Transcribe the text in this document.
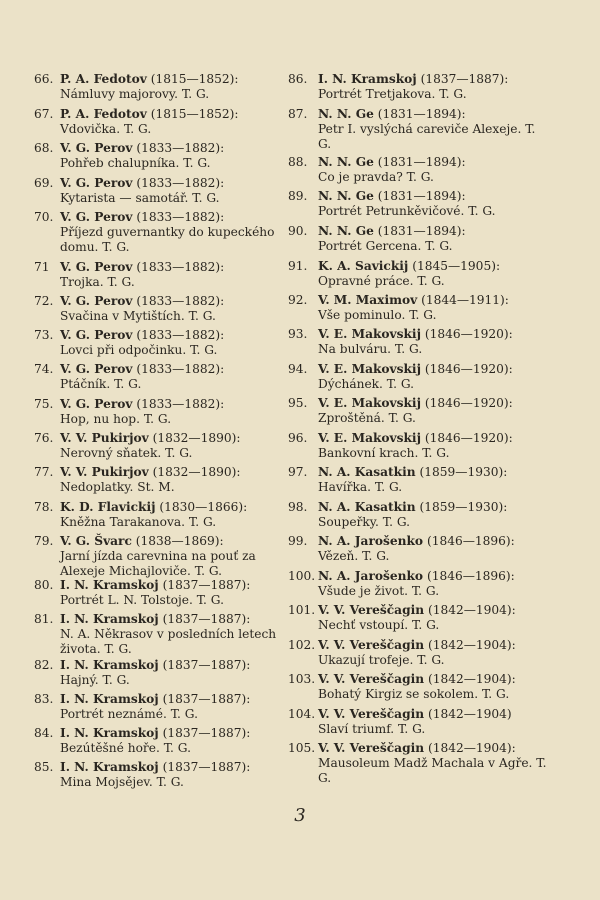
66. P. A. Fedotov (1815—1852):
Námluvy majorovy. T. G.
67. P. A. Fedotov (1815—1852):
Vdovička. T. G.
68. V. G. Perov (1833—1882):
Pohřeb chalupníka. T. G.
69. V. G. Perov (1833—1882):
Kytarista — samotář. T. G.
70. V. G. Perov (1833—1882):
Příjezd guvernantky do kupeckého domu. T. G.
71 V. G. Perov (1833—1882):
Trojka. T. G.
72. V. G. Perov (1833—1882):
Svačina v Mytištích. T. G.
73. V. G. Perov (1833—1882):
Lovci při odpočinku. T. G.
74. V. G. Perov (1833—1882):
Ptáčník. T. G.
75. V. G. Perov (1833—1882):
Hop, nu hop. T. G.
76. V. V. Pukirjov (1832—1890):
Nerovný sňatek. T. G.
77. V. V. Pukirjov (1832—1890):
Nedoplatky. St. M.
78. K. D. Flavickij (1830—1866):
Kněžna Tarakanova. T. G.
79. V. G. Švarc (1838—1869):
Jarní jízda carevnina na pouť za Alexeje Michajloviče. T. G.
80. I. N. Kramskoj (1837—1887):
Portrét L. N. Tolstoje. T. G.
81. I. N. Kramskoj (1837—1887):
N. A. Někrasov v posledních letech života. T. G.
82. I. N. Kramskoj (1837—1887):
Hajný. T. G.
83. I. N. Kramskoj (1837—1887):
Portrét neznámé. T. G.
84. I. N. Kramskoj (1837—1887):
Bezútěšné hoře. T. G.
85. I. N. Kramskoj (1837—1887):
Mina Mojsějev. T. G.
86. I. N. Kramskoj (1837—1887):
Portrét Tretjakova. T. G.
87. N. N. Ge (1831—1894):
Petr I. vyslýchá careviče Alexeje. T. G.
88. N. N. Ge (1831—1894):
Co je pravda? T. G.
89. N. N. Ge (1831—1894):
Portrét Petrunkěvičové. T. G.
90. N. N. Ge (1831—1894):
Portrét Gercena. T. G.
91. K. A. Savickij (1845—1905):
Opravné práce. T. G.
92. V. M. Maximov (1844—1911):
Vše pominulo. T. G.
93. V. E. Makovskij (1846—1920):
Na bulváru. T. G.
94. V. E. Makovskij (1846—1920):
Dýchánek. T. G.
95. V. E. Makovskij (1846—1920):
Zproštěná. T. G.
96. V. E. Makovskij (1846—1920):
Bankovní krach. T. G.
97. N. A. Kasatkin (1859—1930):
Havířka. T. G.
98. N. A. Kasatkin (1859—1930):
Soupeřky. T. G.
99. N. A. Jarošenko (1846—1896):
Vězeň. T. G.
100. N. A. Jarošenko (1846—1896):
Všude je život. T. G.
101. V. V. Vereščagin (1842—1904):
Nechť vstoupí. T. G.
102. V. V. Vereščagin (1842—1904):
Ukazují trofeje. T. G.
103. V. V. Vereščagin (1842—1904):
Bohatý Kirgiz se sokolem. T. G.
104. V. V. Vereščagin (1842—1904)
Slaví triumf. T. G.
105. V. V. Vereščagin (1842—1904):
Mausoleum Madž Machala v Agře. T. G.
3
